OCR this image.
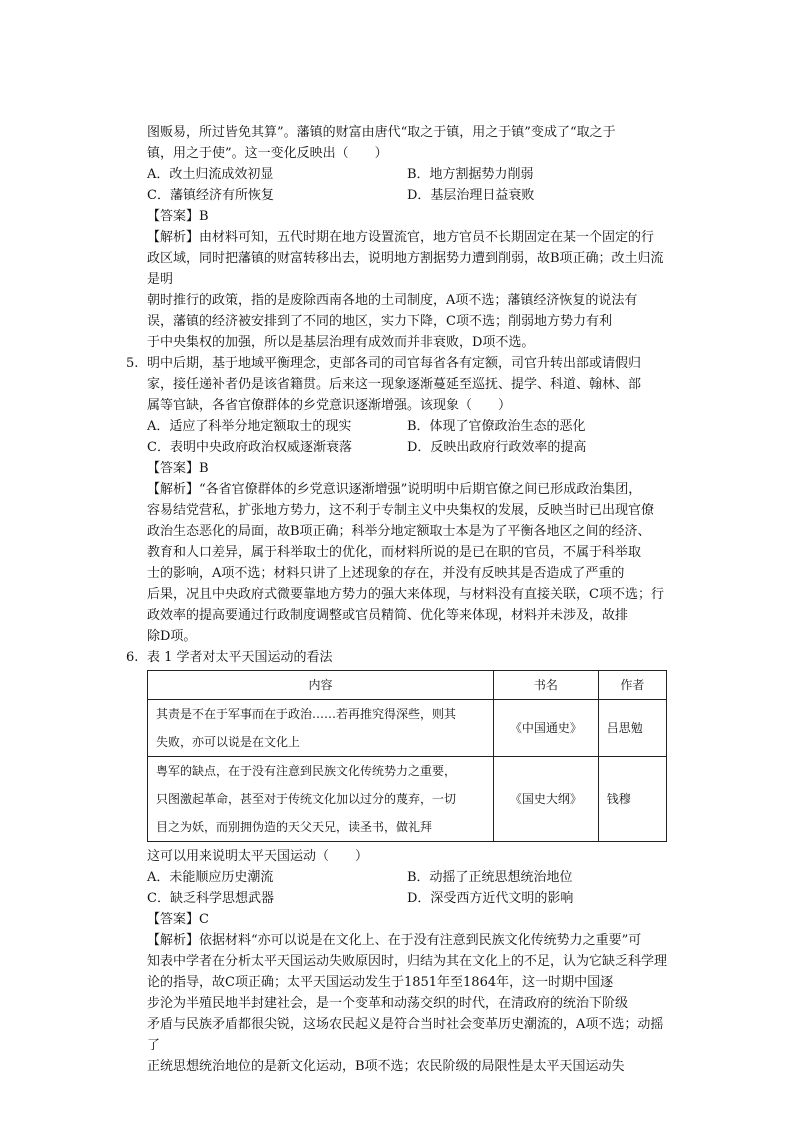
图贩易，所过皆免其算”。藩镇的财富由唐代“取之于镇，用之于镇”变成了“取之于

镇，用之于使”。这一变化反映出（　　）

A．改土归流成效初显	B．地方割据势力削弱
C．藩镇经济有所恢复	D．基层治理日益衰败

【答案】B

【解析】由材料可知，五代时期在地方设置流官，地方官员不长期固定在某一个固定的行

政区域，同时把藩镇的财富转移出去，说明地方割据势力遭到削弱，故B项正确；改土归流是明

朝时推行的政策，指的是废除西南各地的土司制度，A项不选；藩镇经济恢复的说法有

误，藩镇的经济被安排到了不同的地区，实力下降，C项不选；削弱地方势力有利

于中央集权的加强，所以是基层治理有成效而并非衰败，D项不选。

5. 明中后期，基于地域平衡理念，吏部各司的司官每省各有定额，司官升转出部或请假归

家，接任递补者仍是该省籍贯。后来这一现象逐渐蔓延至巡抚、提学、科道、翰林、部

属等官缺，各省官僚群体的乡党意识逐渐增强。该现象（　　）

A．适应了科举分地定额取士的现实	B．体现了官僚政治生态的恶化
C．表明中央政府政治权威逐渐衰落	D．反映出政府行政效率的提高

【答案】B

【解析】“各省官僚群体的乡党意识逐渐增强”说明明中后期官僚之间已形成政治集团，

容易结党营私，扩张地方势力，这不利于专制主义中央集权的发展，反映当时已出现官僚

政治生态恶化的局面，故B项正确；科举分地定额取士本是为了平衡各地区之间的经济、

教育和人口差异，属于科举取士的优化，而材料所说的是已在职的官员，不属于科举取

士的影响，A项不选；材料只讲了上述现象的存在，并没有反映其是否造成了严重的

后果，况且中央政府式微要靠地方势力的强大来体现，与材料没有直接关联，C项不选；行

政效率的提高要通过行政制度调整或官员精简、优化等来体现，材料并未涉及，故排

除D项。

6. 表 1 学者对太平天国运动的看法

内容	书名	作者

其责是不在于军事而在于政治……若再推究得深些，则其
失败，亦可以说是在文化上	《中国通史》	吕思勉

粤军的缺点，在于没有注意到民族文化传统势力之重要，
只图激起革命，甚至对于传统文化加以过分的蔑弃，一切
目之为妖，而别拥伪造的天父天兄，读圣书，做礼拜	《国史大纲》	钱穆

这可以用来说明太平天国运动（　　）

A．未能顺应历史潮流	B．动摇了正统思想统治地位
C．缺乏科学思想武器	D．深受西方近代文明的影响

【答案】C

【解析】依据材料“亦可以说是在文化上、在于没有注意到民族文化传统势力之重要”可

知表中学者在分析太平天国运动失败原因时，归结为其在文化上的不足，认为它缺乏科学理

论的指导，故C项正确；太平天国运动发生于1851年至1864年，这一时期中国逐

步沦为半殖民地半封建社会，是一个变革和动荡交织的时代，在清政府的统治下阶级

矛盾与民族矛盾都很尖锐，这场农民起义是符合当时社会变革历史潮流的，A项不选；动摇了

正统思想统治地位的是新文化运动，B项不选；农民阶级的局限性是太平天国运动失
